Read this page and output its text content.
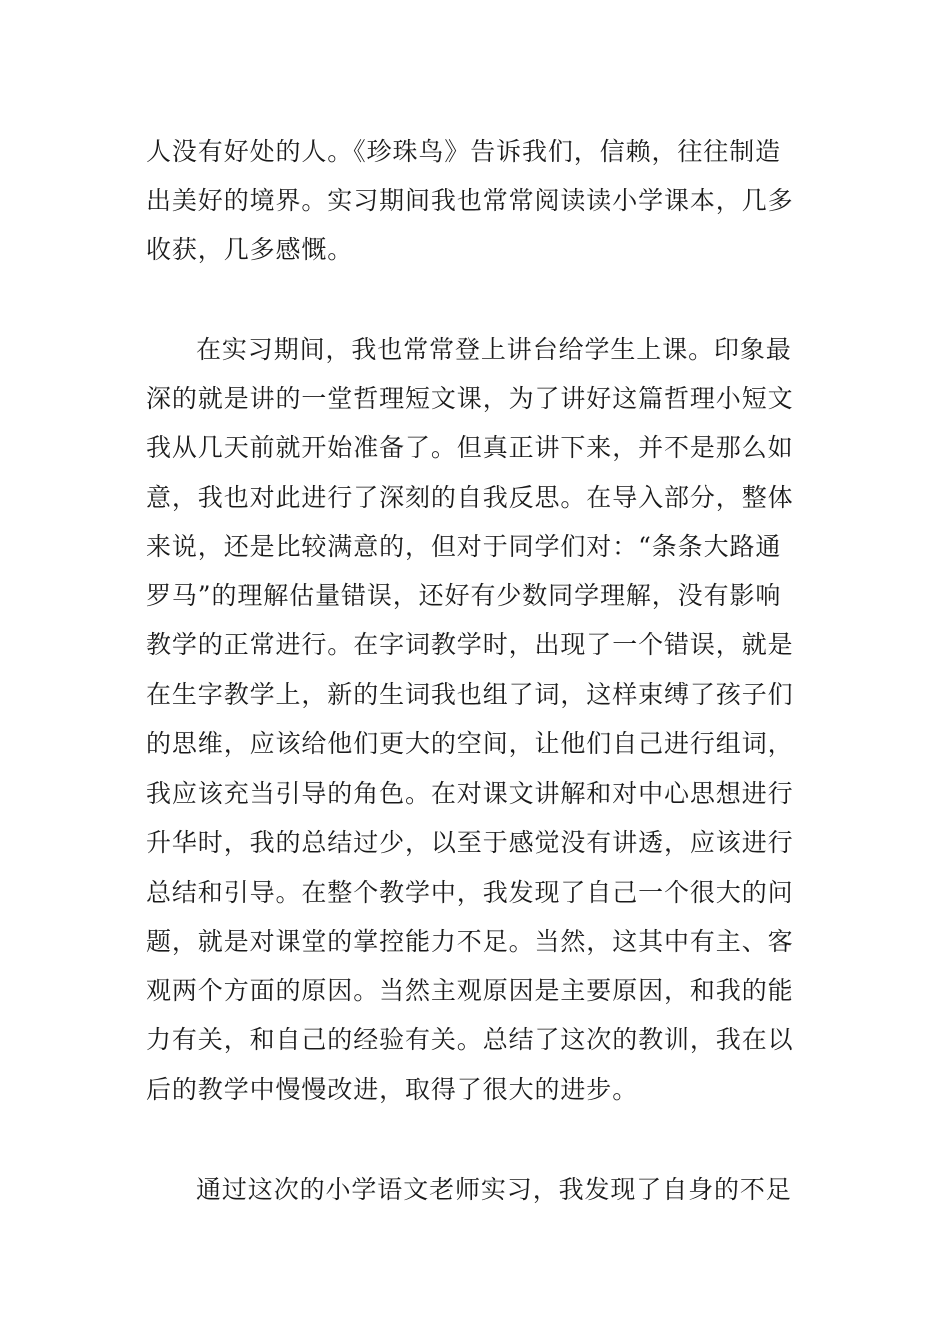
人没有好处的人。《珍珠鸟》告诉我们，信赖，往往制造
出美好的境界。实习期间我也常常阅读读小学课本，几多
收获，几多感慨。
在实习期间，我也常常登上讲台给学生上课。印象最
深的就是讲的一堂哲理短文课，为了讲好这篇哲理小短文
我从几天前就开始准备了。但真正讲下来，并不是那么如
意，我也对此进行了深刻的自我反思。在导入部分，整体
来说，还是比较满意的，但对于同学们对：“条条大路通
罗马”的理解估量错误，还好有少数同学理解，没有影响
教学的正常进行。在字词教学时，出现了一个错误，就是
在生字教学上，新的生词我也组了词，这样束缚了孩子们
的思维，应该给他们更大的空间，让他们自己进行组词，
我应该充当引导的角色。在对课文讲解和对中心思想进行
升华时，我的总结过少，以至于感觉没有讲透，应该进行
总结和引导。在整个教学中，我发现了自己一个很大的问
题，就是对课堂的掌控能力不足。当然，这其中有主、客
观两个方面的原因。当然主观原因是主要原因，和我的能
力有关，和自己的经验有关。总结了这次的教训，我在以
后的教学中慢慢改进，取得了很大的进步。
通过这次的小学语文老师实习，我发现了自身的不足
